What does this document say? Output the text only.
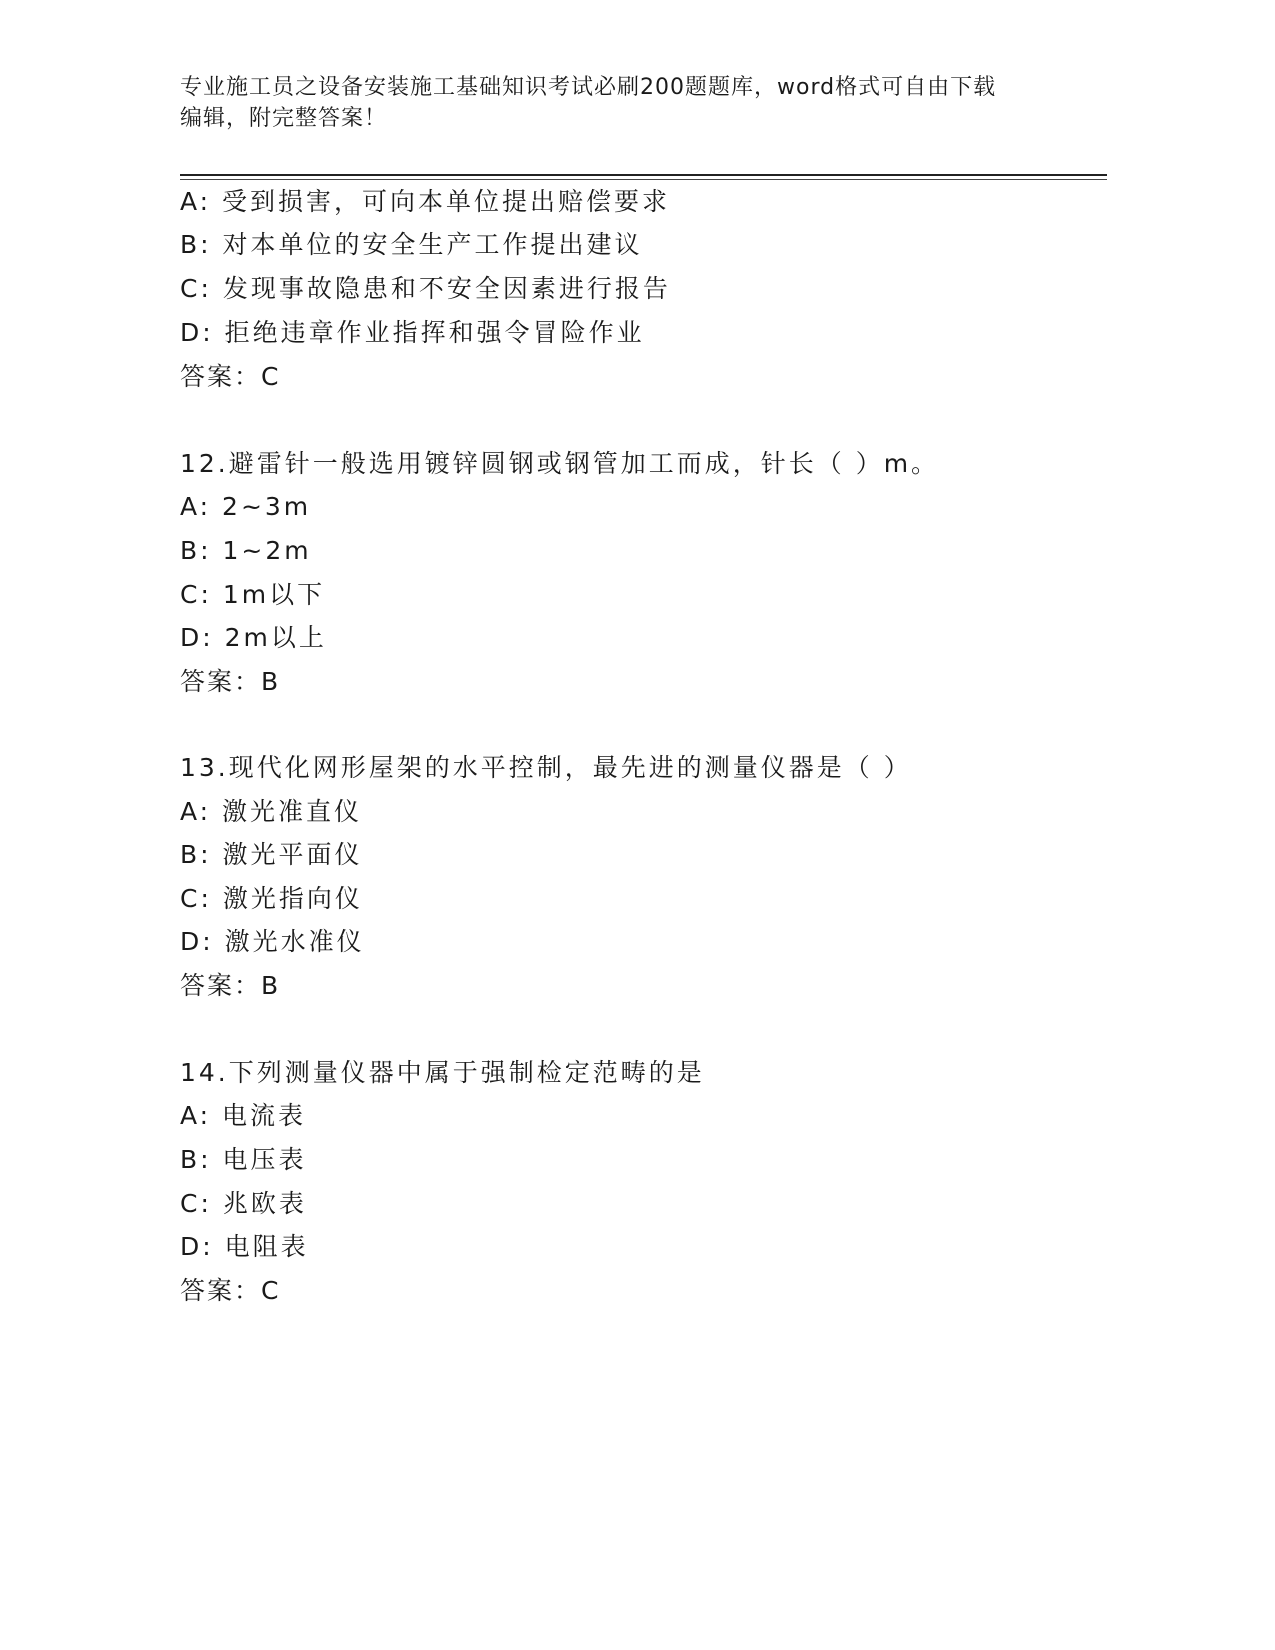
专业施工员之设备安装施工基础知识考试必刷200题题库，word格式可自由下载
编辑，附完整答案！
A: 受到损害，可向本单位提出赔偿要求
B: 对本单位的安全生产工作提出建议
C: 发现事故隐患和不安全因素进行报告
D: 拒绝违章作业指挥和强令冒险作业
答案：C
12.避雷针一般选用镀锌圆钢或钢管加工而成，针长（ ）m。
A: 2~3m
B: 1~2m
C: 1m以下
D: 2m以上
答案：B
13.现代化网形屋架的水平控制，最先进的测量仪器是（ ）
A: 激光准直仪
B: 激光平面仪
C: 激光指向仪
D: 激光水准仪
答案：B
14.下列测量仪器中属于强制检定范畴的是
A: 电流表
B: 电压表
C: 兆欧表
D: 电阻表
答案：C
